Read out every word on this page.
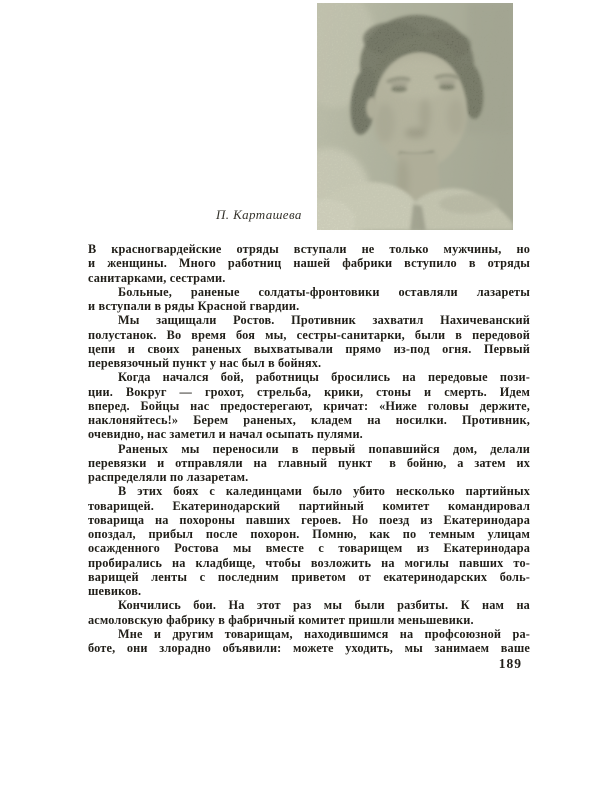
П. Карташева
В красногвардейские отряды вступали не только мужчины, но
и женщины. Много работниц нашей фабрики вступило в отряды
санитарками, сестрами.
Больные, раненые солдаты-фронтовики оставляли лазареты
и вступали в ряды Красной гвардии.
Мы защищали Ростов. Противник захватил Нахичеванский
полустанок. Во время боя мы, сестры-санитарки, были в передовой
цепи и своих раненых выхватывали прямо из-под огня. Первый
перевязочный пункт у нас был в бойнях.
Когда начался бой, работницы бросились на передовые пози-
ции. Вокруг — грохот, стрельба, крики, стоны и смерть. Идем
вперед. Бойцы нас предостерегают, кричат: «Ниже головы держите,
наклоняйтесь!» Берем раненых, кладем на носилки. Противник,
очевидно, нас заметил и начал осыпать пулями.
Раненых мы переносили в первый попавшийся дом, делали
перевязки и отправляли на главный пункт  в бойню, а затем их
распределяли по лазаретам.
В этих боях с калединцами было убито несколько партийных
товарищей. Екатеринодарский партийный комитет командировал
товарища на похороны павших героев. Но поезд из Екатеринодара
опоздал, прибыл после похорон. Помню, как по темным улицам
осажденного Ростова мы вместе с товарищем из Екатеринодара
пробирались на кладбище, чтобы возложить на могилы павших то-
варищей ленты с последним приветом от екатеринодарских боль-
шевиков.
Кончились бои. На этот раз мы были разбиты. К нам на
асмоловскую фабрику в фабричный комитет пришли меньшевики.
Мне и другим товарищам, находившимся на профсоюзной ра-
боте, они злорадно объявили: можете уходить, мы занимаем ваше
189
